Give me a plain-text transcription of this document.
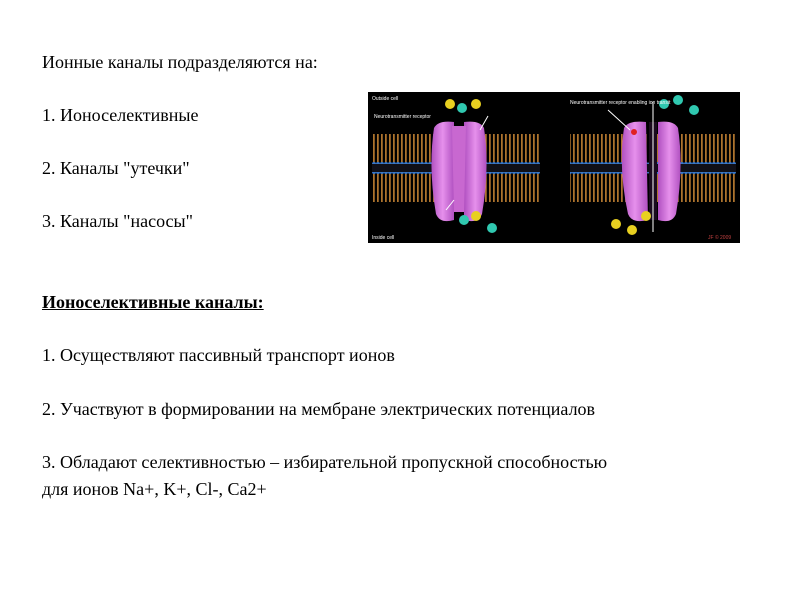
Ионные каналы подразделяются на:
1. Ионоселективные
2. Каналы "утечки"
3. Каналы "насосы"
Ионоселективные каналы:
1. Осуществляют пассивный транспорт ионов
2. Участвуют в формировании на мембране электрических потенциалов
3. Обладают селективностью – избирательной пропускной способностью
для ионов Na+, K+, Cl-, Ca2+
Outside cell
Neurotransmitter receptor
Inside cell
Neurotransmitter receptor enabling ion transit
JF © 2009
